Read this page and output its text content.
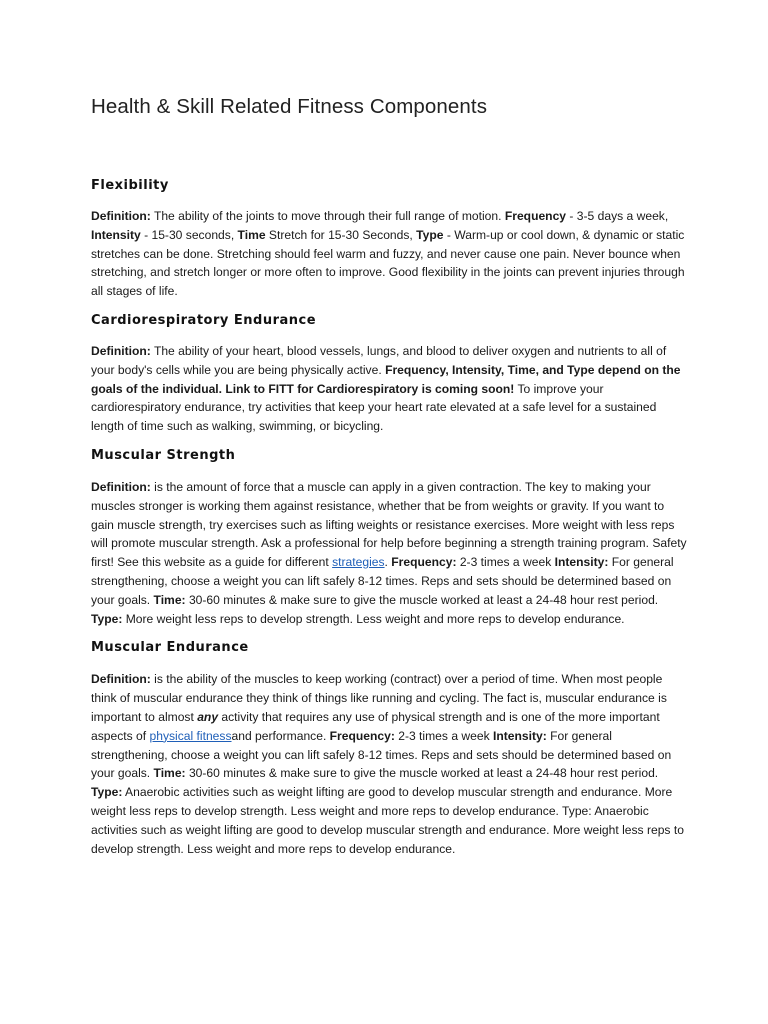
Health & Skill Related Fitness Components
Flexibility

Definition: The ability of the joints to move through their full range of motion. Frequency - 3-5 days a week, Intensity - 15-30 seconds, Time Stretch for 15-30 Seconds, Type - Warm-up or cool down, & dynamic or static stretches can be done. Stretching should feel warm and fuzzy, and never cause one pain. Never bounce when stretching, and stretch longer or more often to improve. Good flexibility in the joints can prevent injuries through all stages of life.

Cardiorespiratory Endurance

Definition: The ability of your heart, blood vessels, lungs, and blood to deliver oxygen and nutrients to all of your body's cells while you are being physically active. Frequency, Intensity, Time, and Type depend on the goals of the individual. Link to FITT for Cardiorespiratory is coming soon! To improve your cardiorespiratory endurance, try activities that keep your heart rate elevated at a safe level for a sustained length of time such as walking, swimming, or bicycling.

Muscular Strength

Definition: is the amount of force that a muscle can apply in a given contraction. The key to making your muscles stronger is working them against resistance, whether that be from weights or gravity. If you want to gain muscle strength, try exercises such as lifting weights or resistance exercises. More weight with less reps will promote muscular strength. Ask a professional for help before beginning a strength training program. Safety first! See this website as a guide for different strategies. Frequency: 2-3 times a week Intensity: For general strengthening, choose a weight you can lift safely 8-12 times. Reps and sets should be determined based on your goals. Time: 30-60 minutes & make sure to give the muscle worked at least a 24-48 hour rest period. Type: More weight less reps to develop strength. Less weight and more reps to develop endurance.

Muscular Endurance

Definition: is the ability of the muscles to keep working (contract) over a period of time. When most people think of muscular endurance they think of things like running and cycling. The fact is, muscular endurance is important to almost any activity that requires any use of physical strength and is one of the more important aspects of physical fitnessand performance. Frequency: 2-3 times a week Intensity: For general strengthening, choose a weight you can lift safely 8-12 times. Reps and sets should be determined based on your goals. Time: 30-60 minutes & make sure to give the muscle worked at least a 24-48 hour rest period. Type: Anaerobic activities such as weight lifting are good to develop muscular strength and endurance. More weight less reps to develop strength. Less weight and more reps to develop endurance. Type: Anaerobic activities such as weight lifting are good to develop muscular strength and endurance. More weight less reps to develop strength. Less weight and more reps to develop endurance.
